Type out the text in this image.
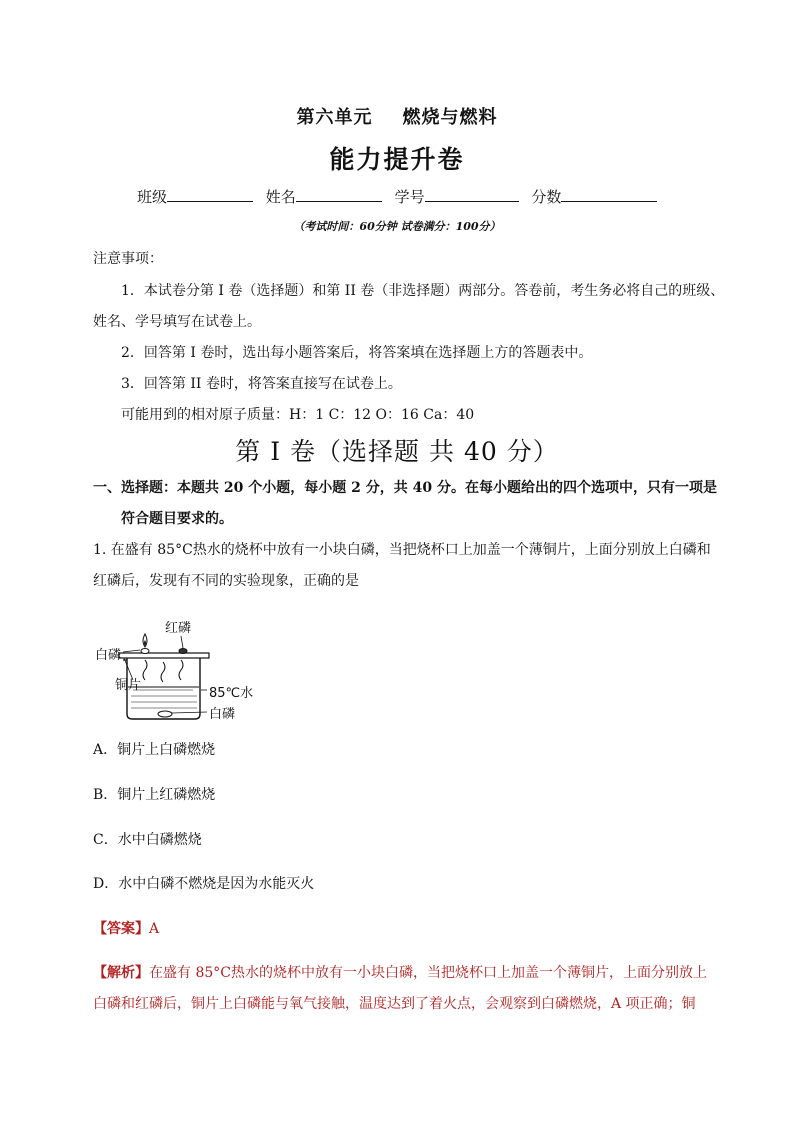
第六单元 燃烧与燃料
能力提升卷
班级	姓名	学号	分数
（考试时间：60分钟 试卷满分：100分）
注意事项：
1．本试卷分第 I 卷（选择题）和第 II 卷（非选择题）两部分。答卷前，考生务必将自己的班级、
姓名、学号填写在试卷上。
2．回答第 I 卷时，选出每小题答案后，将答案填在选择题上方的答题表中。
3．回答第 II 卷时，将答案直接写在试卷上。
可能用到的相对原子质量：H：1 C：12 O：16 Ca：40
第 I 卷（选择题 共 40 分）
一、选择题：本题共 20 个小题，每小题 2 分，共 40 分。在每小题给出的四个选项中，只有一项是
符合题目要求的。
1. 在盛有 85°C热水的烧杯中放有一小块白磷，当把烧杯口上加盖一个薄铜片，上面分别放上白磷和
红磷后，发现有不同的实验现象，正确的是
红磷
白磷
铜片
85℃水
白磷
A．铜片上白磷燃烧
B．铜片上红磷燃烧
C．水中白磷燃烧
D．水中白磷不燃烧是因为水能灭火
【答案】A
【解析】在盛有 85°C热水的烧杯中放有一小块白磷，当把烧杯口上加盖一个薄铜片，上面分别放上
白磷和红磷后，铜片上白磷能与氧气接触，温度达到了着火点，会观察到白磷燃烧，A 项正确；铜
